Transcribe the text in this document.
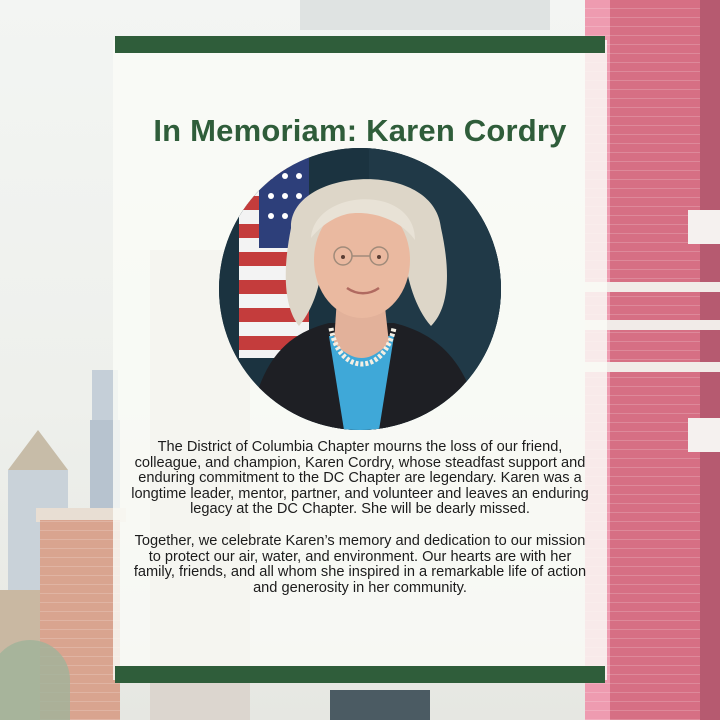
In Memoriam: Karen Cordry

The District of Columbia Chapter mourns the loss of our friend, colleague, and champion, Karen Cordry, whose steadfast support and enduring commitment to the DC Chapter are legendary. Karen was a longtime leader, mentor, partner, and volunteer and leaves an enduring legacy at the DC Chapter. She will be dearly missed.

Together, we celebrate Karen’s memory and dedication to our mission to protect our air, water, and environment. Our hearts are with her family, friends, and all whom she inspired in a remarkable life of action and generosity in her community.
